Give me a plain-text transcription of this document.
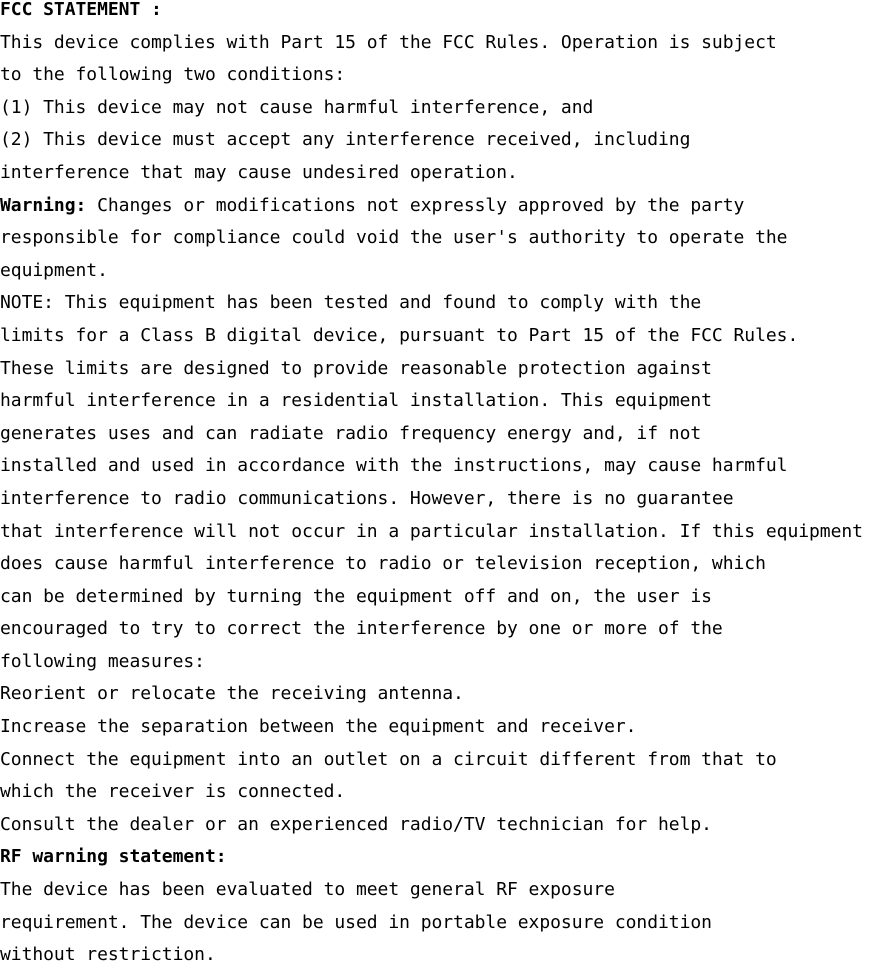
FCC STATEMENT :
This device complies with Part 15 of the FCC Rules. Operation is subject
to the following two conditions:
(1) This device may not cause harmful interference, and
(2) This device must accept any interference received, including
interference that may cause undesired operation.
Warning: Changes or modifications not expressly approved by the party
responsible for compliance could void the user's authority to operate the
equipment.
NOTE: This equipment has been tested and found to comply with the
limits for a Class B digital device, pursuant to Part 15 of the FCC Rules.
These limits are designed to provide reasonable protection against
harmful interference in a residential installation. This equipment
generates uses and can radiate radio frequency energy and, if not
installed and used in accordance with the instructions, may cause harmful
interference to radio communications. However, there is no guarantee
that interference will not occur in a particular installation. If this equipment
does cause harmful interference to radio or television reception, which
can be determined by turning the equipment off and on, the user is
encouraged to try to correct the interference by one or more of the
following measures:
Reorient or relocate the receiving antenna.
Increase the separation between the equipment and receiver.
Connect the equipment into an outlet on a circuit different from that to
which the receiver is connected.
Consult the dealer or an experienced radio/TV technician for help.
RF warning statement:
The device has been evaluated to meet general RF exposure
requirement. The device can be used in portable exposure condition
without restriction.
